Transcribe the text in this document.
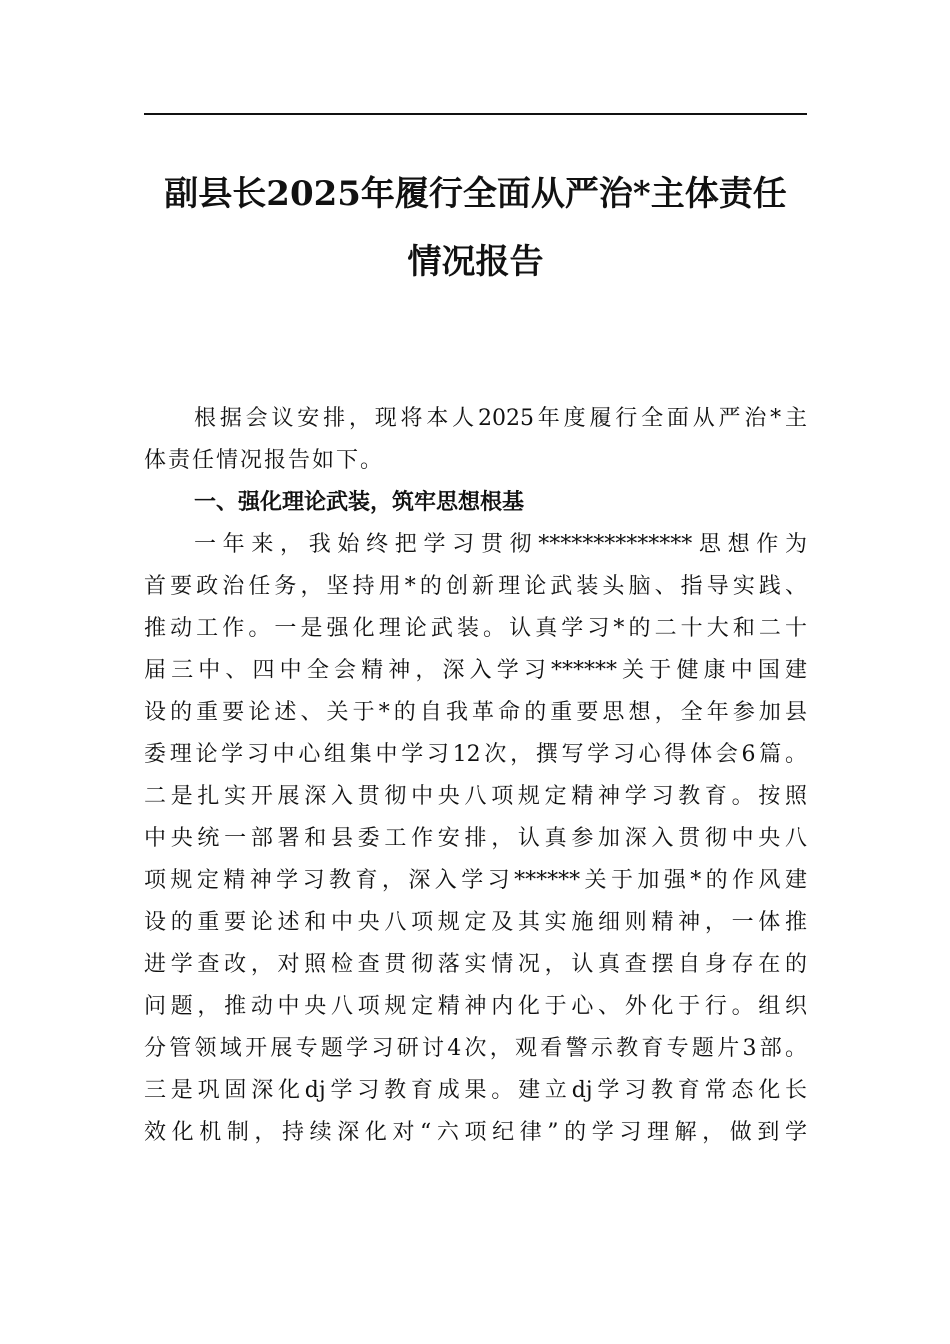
副县长2025年履行全面从严治*主体责任
情况报告
根据会议安排，现将本人2025年度履行全面从严治*主
体责任情况报告如下。
一、强化理论武装，筑牢思想根基
一年来，我始终把学习贯彻**************思想作为
首要政治任务，坚持用*的创新理论武装头脑、指导实践、
推动工作。一是强化理论武装。认真学习*的二十大和二十
届三中、四中全会精神，深入学习******关于健康中国建
设的重要论述、关于*的自我革命的重要思想，全年参加县
委理论学习中心组集中学习12次，撰写学习心得体会6篇。
二是扎实开展深入贯彻中央八项规定精神学习教育。按照
中央统一部署和县委工作安排，认真参加深入贯彻中央八
项规定精神学习教育，深入学习******关于加强*的作风建
设的重要论述和中央八项规定及其实施细则精神，一体推
进学查改，对照检查贯彻落实情况，认真查摆自身存在的
问题，推动中央八项规定精神内化于心、外化于行。组织
分管领域开展专题学习研讨4次，观看警示教育专题片3部。
三是巩固深化dj学习教育成果。建立dj学习教育常态化长
效化机制，持续深化对“六项纪律”的学习理解，做到学
